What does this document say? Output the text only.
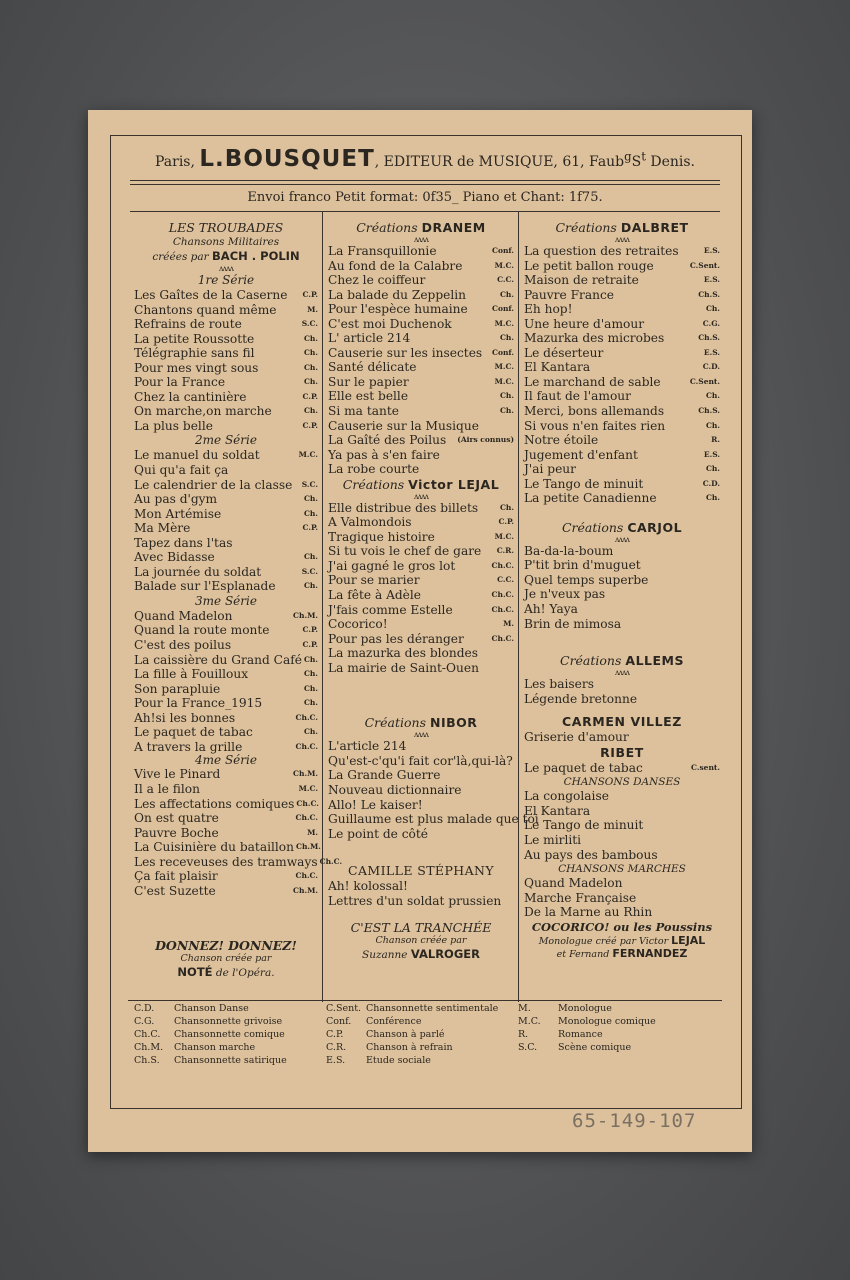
Paris, L.BOUSQUET, EDITEUR de MUSIQUE, 61, $Faub^gS^t$ Denis.
Envoi franco Petit format: 0f35_ Piano et Chant: 1f75.
LES TROUBADES
Chansons Militaires
créées par BACH . POLIN
ʌʌʌʌ
1re Série
Les Gaîtes de la Caserne C.P.
Chantons quand même	M.
Refrains de route	S.C.
La petite Roussotte	Ch.
Télégraphie sans fil	Ch.
Pour mes vingt sous	Ch.
Pour la France	Ch.
Chez la cantinière	C.P.
On marche,on marche	Ch.
La plus belle	C.P.
2me Série
Le manuel du soldat	M.C.
Qui qu'a fait ça
Le calendrier de la classe S.C.
Au pas d'gym	Ch.
Mon Artémise	Ch.
Ma Mère	C.P.
Tapez dans l'tas
Avec Bidasse	Ch.
La journée du soldat	S.C.
Balade sur l'Esplanade	Ch.
3me Série
Quand Madelon	Ch.M.
Quand la route monte	C.P.
C'est des poilus	C.P.
La caissière du Grand Café Ch.
La fille à Fouilloux	Ch.
Son parapluie	Ch.
Pour la France_1915	Ch.
Ah!si les bonnes	Ch.C.
Le paquet de tabac	Ch.
A travers la grille	Ch.C.
4me Série
Vive le Pinard	Ch.M.
Il a le filon	M.C.
Les affectations comiques Ch.C.
On est quatre	Ch.C.
Pauvre Boche	M.
La Cuisinière du bataillon Ch.M.
Les receveuses des tramways Ch.C.
Ça fait plaisir	Ch.C.
C'est Suzette	Ch.M.
DONNEZ! DONNEZ!
Chanson créée par
NOTÉ de l'Opéra.
Créations DRANEM
ʌʌʌʌ
La Fransquillonie	Conf.
Au fond de la Calabre	M.C.
Chez le coiffeur	C.C.
La balade du Zeppelin	Ch.
Pour l'espèce humaine	Conf.
C'est moi Duchenok	M.C.
L' article 214	Ch.
Causerie sur les insectes Conf.
Santé délicate	M.C.
Sur le papier	M.C.
Elle est belle	Ch.
Si ma tante	Ch.
Causerie sur la Musique
La Gaîté des Poilus (Airs connus)
Ya pas à s'en faire
La robe courte
Créations Victor LEJAL
ʌʌʌʌ
Elle distribue des billets	Ch.
A Valmondois	C.P.
Tragique histoire	M.C.
Si tu vois le chef de gare C.R.
J'ai gagné le gros lot	Ch.C.
Pour se marier	C.C.
La fête à Adèle	Ch.C.
J'fais comme Estelle	Ch.C.
Cocorico!	M.
Pour pas les déranger	Ch.C.
La mazurka des blondes
La mairie de Saint-Ouen
Créations NIBOR
ʌʌʌʌ
L'article 214
Qu'est-c'qu'i fait cor'là,qui-là?
La Grande Guerre
Nouveau dictionnaire
Allo! Le kaiser!
Guillaume est plus malade que toi
Le point de côté
CAMILLE STÉPHANY
Ah! kolossal!
Lettres d'un soldat prussien
C'EST LA TRANCHÉE
Chanson créée par
Suzanne VALROGER
Créations DALBRET
ʌʌʌʌ
La question des retraites	E.S.
Le petit ballon rouge	C.Sent.
Maison de retraite	E.S.
Pauvre France	Ch.S.
Eh hop!	Ch.
Une heure d'amour	C.G.
Mazurka des microbes	Ch.S.
Le déserteur	E.S.
El Kantara	C.D.
Le marchand de sable	C.Sent.
Il faut de l'amour	Ch.
Merci, bons allemands	Ch.S.
Si vous n'en faites rien	Ch.
Notre étoile	R.
Jugement d'enfant	E.S.
J'ai peur	Ch.
Le Tango de minuit	C.D.
La petite Canadienne	Ch.
Créations CARJOL
ʌʌʌʌ
Ba-da-la-boum
P'tit brin d'muguet
Quel temps superbe
Je n'veux pas
Ah! Yaya
Brin de mimosa
Créations ALLEMS
ʌʌʌʌ
Les baisers
Légende bretonne
CARMEN VILLEZ
Griserie d'amour
RIBET
Le paquet de tabac	C.sent.
CHANSONS DANSES
La congolaise
El Kantara
Le Tango de minuit
Le mirliti
Au pays des bambous
CHANSONS MARCHES
Quand Madelon
Marche Française
De la Marne au Rhin
COCORICO! ou les Poussins
Monologue créé par Victor LEJAL
et Fernand FERNANDEZ
C.D.	Chanson Danse
C.G.	Chansonnette grivoise
Ch.C.	Chansonnette comique
Ch.M.	Chanson marche
Ch.S.	Chansonnette satirique
C.Sent. Chansonnette sentimentale
Conf.	Conférence
C.P.	Chanson à parlé
C.R.	Chanson à refrain
E.S.	Etude sociale
M.	Monologue
M.C.	Monologue comique
R.	Romance
S.C.	Scène comique
65-149-107
